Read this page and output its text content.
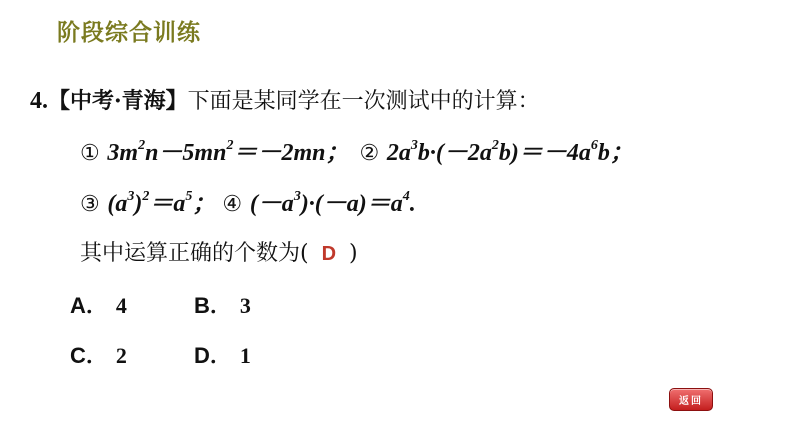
阶段综合训练
4.【中考·青海】下面是某同学在一次测试中的计算：
① $3m^2n-5mn^2=-2mn$； ② $2a^3b\cdot(-2a^2b)=-4a^6b$；
③ $(a^3)^2=a^5$； ④ $(-a^3)\cdot(-a)=a^4$.
其中运算正确的个数为( D )
A． 4	B． 3
C． 2	D． 1
返回
